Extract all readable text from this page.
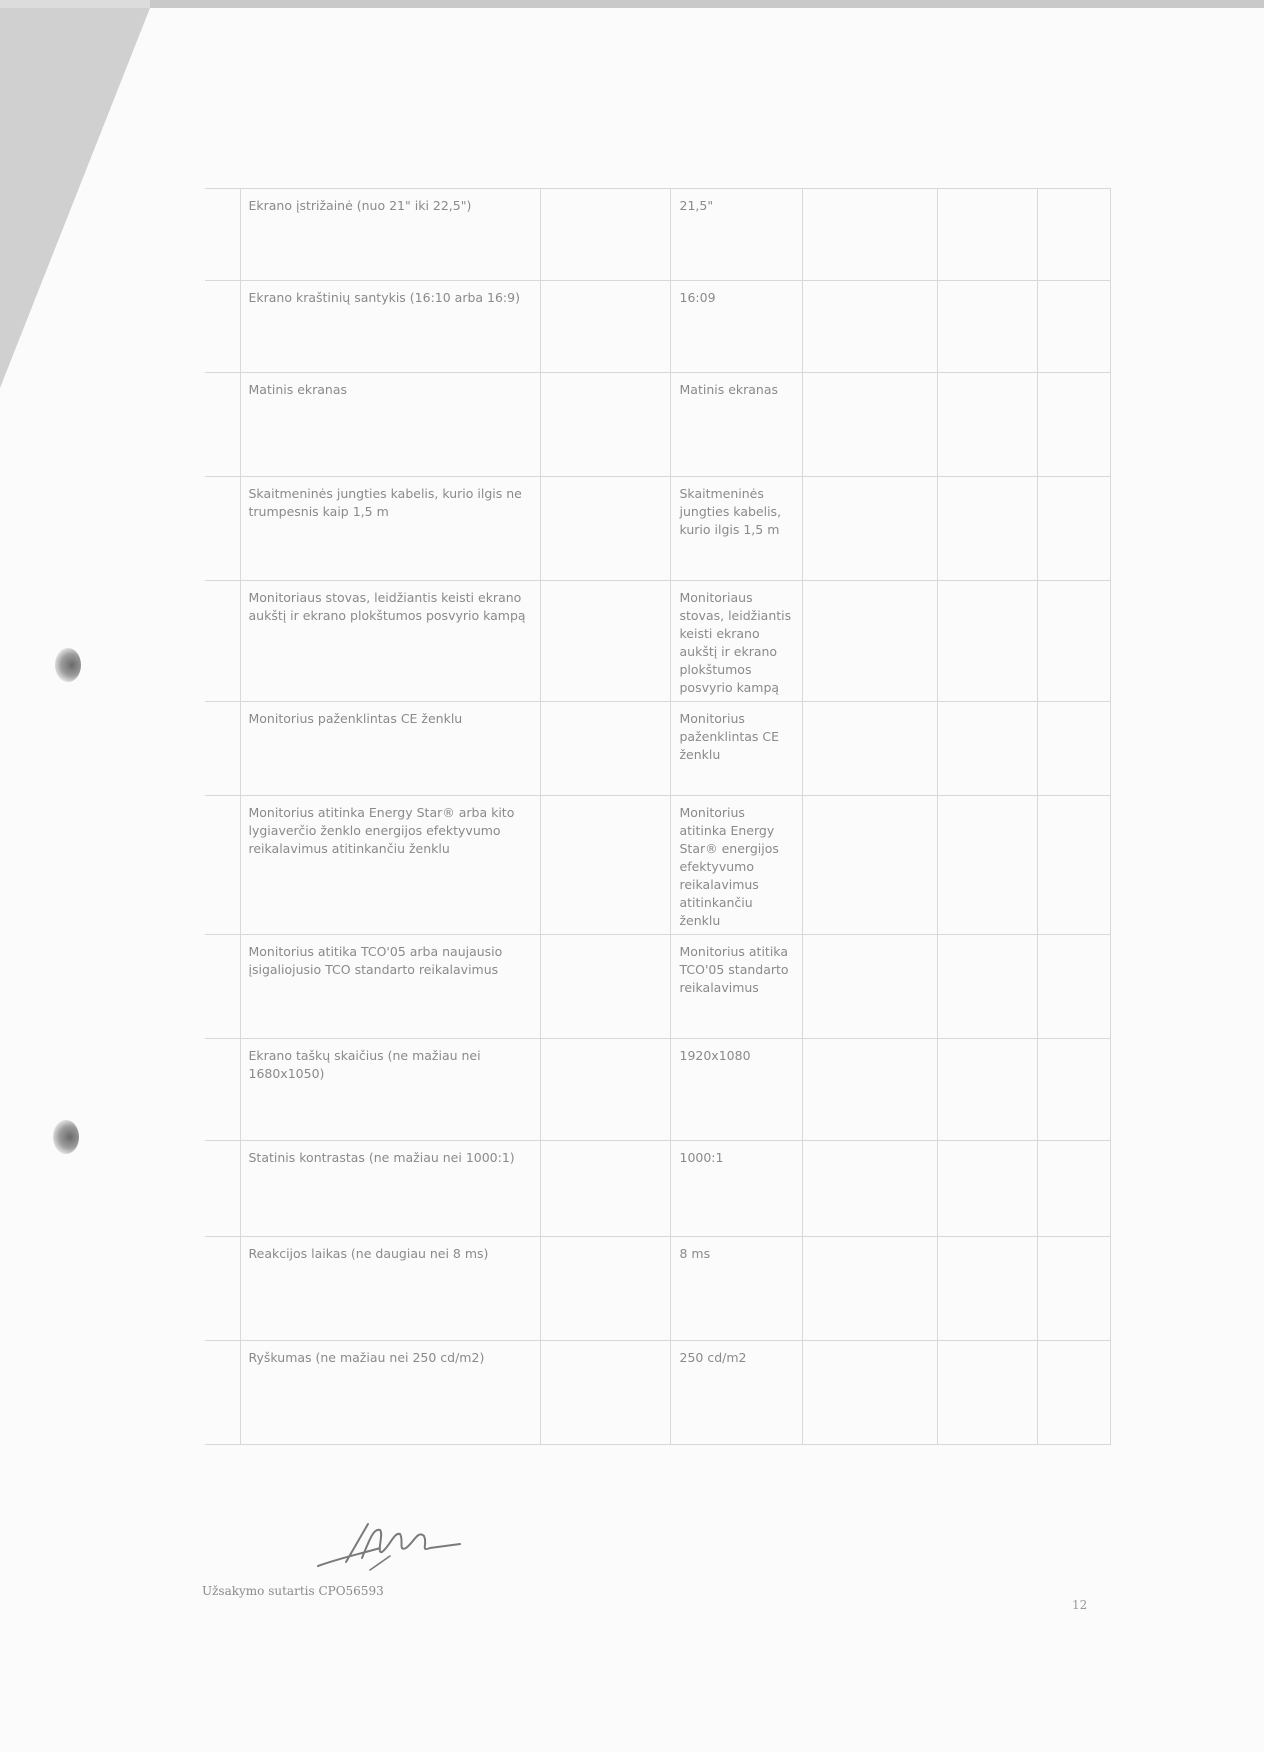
	Ekrano įstrižainė (nuo 21" iki 22,5")		21,5"			
	Ekrano kraštinių santykis (16:10 arba 16:9)		16:09			
	Matinis ekranas		Matinis ekranas			
	Skaitmeninės jungties kabelis, kurio ilgis ne trumpesnis kaip 1,5 m		Skaitmeninės jungties kabelis, kurio ilgis 1,5 m			
	Monitoriaus stovas, leidžiantis keisti ekrano aukštį ir ekrano plokštumos posvyrio kampą		Monitoriaus stovas, leidžiantis keisti ekrano aukštį ir ekrano plokštumos posvyrio kampą			
	Monitorius paženklintas CE ženklu		Monitorius paženklintas CE ženklu			
	Monitorius atitinka Energy Star® arba kito lygiaverčio ženklo energijos efektyvumo reikalavimus atitinkančiu ženklu		Monitorius atitinka Energy Star® energijos efektyvumo reikalavimus atitinkančiu ženklu			
	Monitorius atitika TCO'05 arba naujausio įsigaliojusio TCO standarto reikalavimus		Monitorius atitika TCO'05 standarto reikalavimus			
	Ekrano taškų skaičius (ne mažiau nei 1680x1050)		1920x1080			
	Statinis kontrastas (ne mažiau nei 1000:1)		1000:1			
	Reakcijos laikas (ne daugiau nei 8 ms)		8 ms			
	Ryškumas (ne mažiau nei 250 cd/m2)		250 cd/m2			
Užsakymo sutartis CPO56593
12
